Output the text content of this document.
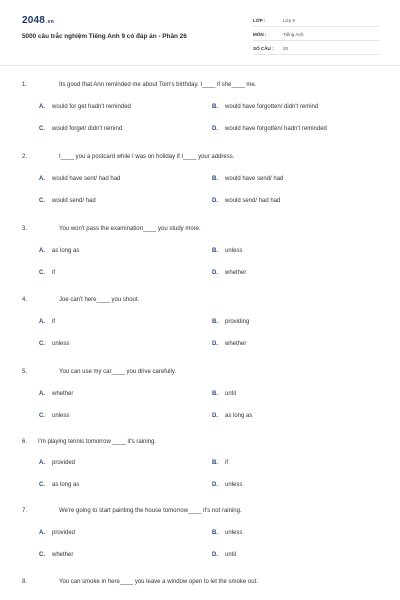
2048.vn
5000 câu trắc nghiệm Tiếng Anh 9 có đáp án - Phần 26
LỚP :	Lớp 9
MÔN :	Tiếng Anh
SỐ CÂU : 20
1.	Its good that Ann reminded me about Tom's birthday. I____ if she____ me.
A. would for get hadn't reminded	B. would have forgotten/ didn't remind
C. would forget/ didn't remind	D. would have forgotten/ hadn't reminded
2.	I____ you a postcard while I was on holiday if I____ your address.
A. would have sent/ had had	B. would have send/ had
C. would send/ had	D. would send/ had had
3.	You won't pass the examination____ you study more.
A. as long as	B. unless
C. if	D. whether
4.	Joe can't here____ you shout.
A. if	B. providing
C. unless	D. whether
5.	You can use my car____ you drive carefully.
A. whether	B. until
C. unless	D. as long as
6. I'm playing tennis tomorrow ____ it's raining.
A. provided	B. if
C. as long as	D. unless
7.	We're going to start painting the house tomorrow____ it's not raining.
A. provided	B. unless
C. whether	D. until
8.	You can smoke in here____ you leave a window open to let the smoke out.
